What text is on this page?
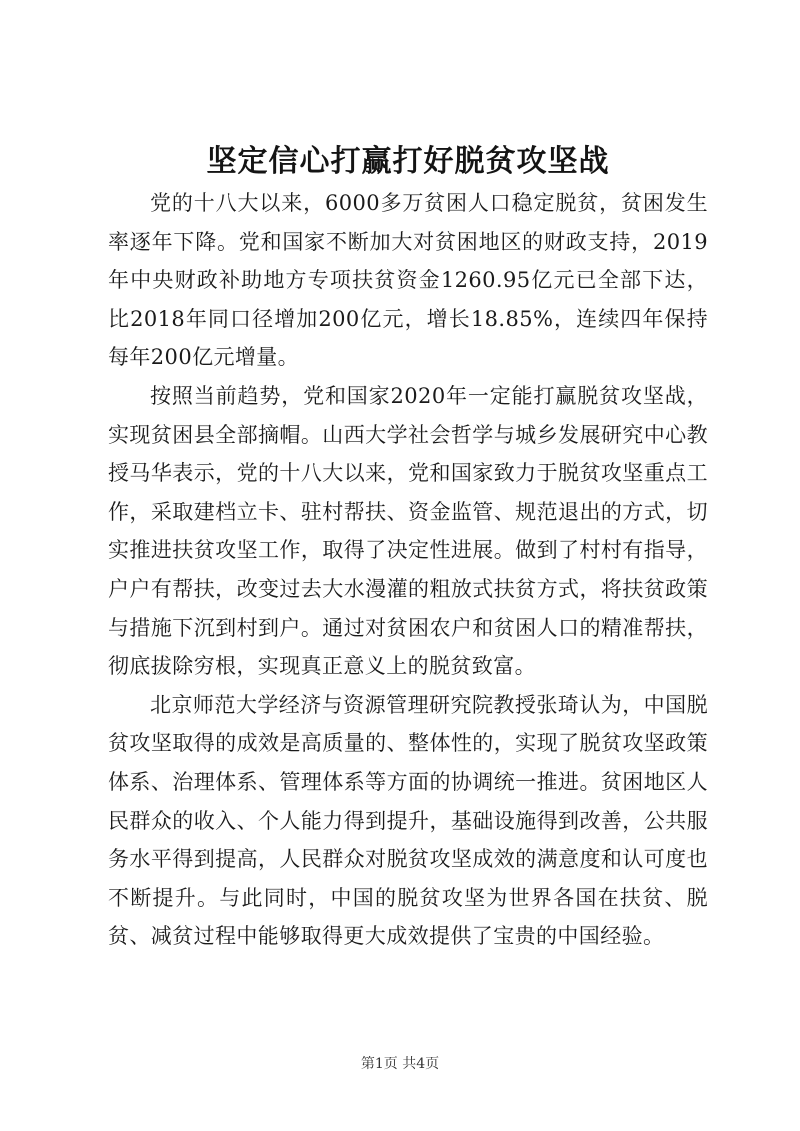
坚定信心打赢打好脱贫攻坚战

党的十八大以来，6000多万贫困人口稳定脱贫，贫困发生率逐年下降。党和国家不断加大对贫困地区的财政支持，2019年中央财政补助地方专项扶贫资金1260.95亿元已全部下达，比2018年同口径增加200亿元，增长18.85%，连续四年保持每年200亿元增量。

按照当前趋势，党和国家2020年一定能打赢脱贫攻坚战，实现贫困县全部摘帽。山西大学社会哲学与城乡发展研究中心教授马华表示，党的十八大以来，党和国家致力于脱贫攻坚重点工作，采取建档立卡、驻村帮扶、资金监管、规范退出的方式，切实推进扶贫攻坚工作，取得了决定性进展。做到了村村有指导，户户有帮扶，改变过去大水漫灌的粗放式扶贫方式，将扶贫政策与措施下沉到村到户。通过对贫困农户和贫困人口的精准帮扶，彻底拔除穷根，实现真正意义上的脱贫致富。

北京师范大学经济与资源管理研究院教授张琦认为，中国脱贫攻坚取得的成效是高质量的、整体性的，实现了脱贫攻坚政策体系、治理体系、管理体系等方面的协调统一推进。贫困地区人民群众的收入、个人能力得到提升，基础设施得到改善，公共服务水平得到提高，人民群众对脱贫攻坚成效的满意度和认可度也不断提升。与此同时，中国的脱贫攻坚为世界各国在扶贫、脱贫、减贫过程中能够取得更大成效提供了宝贵的中国经验。

第1页 共4页
